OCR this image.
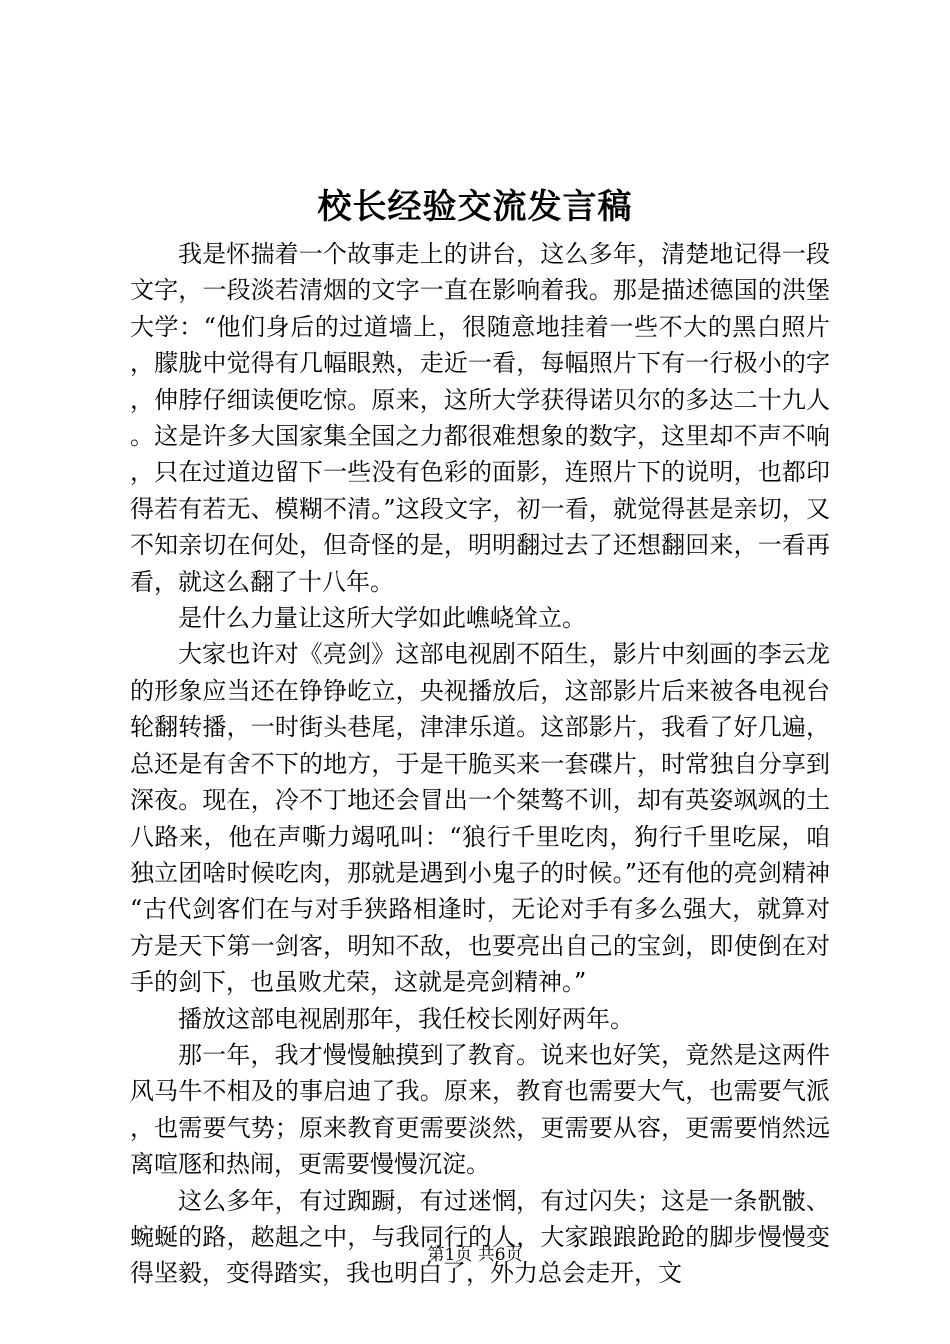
校长经验交流发言稿

我是怀揣着一个故事走上的讲台，这么多年，清楚地记得一段文字，一段淡若清烟的文字一直在影响着我。那是描述德国的洪堡大学：“他们身后的过道墙上，很随意地挂着一些不大的黑白照片，朦胧中觉得有几幅眼熟，走近一看，每幅照片下有一行极小的字，伸脖仔细读便吃惊。原来，这所大学获得诺贝尔的多达二十九人。这是许多大国家集全国之力都很难想象的数字，这里却不声不响，只在过道边留下一些没有色彩的面影，连照片下的说明，也都印得若有若无、模糊不清。”这段文字，初一看，就觉得甚是亲切，又不知亲切在何处，但奇怪的是，明明翻过去了还想翻回来，一看再看，就这么翻了十八年。

是什么力量让这所大学如此嶕峣耸立。

大家也许对《亮剑》这部电视剧不陌生，影片中刻画的李云龙的形象应当还在铮铮屹立，央视播放后，这部影片后来被各电视台轮翻转播，一时街头巷尾，津津乐道。这部影片，我看了好几遍，总还是有舍不下的地方，于是干脆买来一套碟片，时常独自分享到深夜。现在，冷不丁地还会冒出一个桀骜不训，却有英姿飒飒的土八路来，他在声嘶力竭吼叫：“狼行千里吃肉，狗行千里吃屎，咱独立团啥时候吃肉，那就是遇到小鬼子的时候。”还有他的亮剑精神“古代剑客们在与对手狭路相逢时，无论对手有多么强大，就算对方是天下第一剑客，明知不敌，也要亮出自己的宝剑，即使倒在对手的剑下，也虽败尤荣，这就是亮剑精神。”

播放这部电视剧那年，我任校长刚好两年。

那一年，我才慢慢触摸到了教育。说来也好笑，竟然是这两件风马牛不相及的事启迪了我。原来，教育也需要大气，也需要气派，也需要气势；原来教育更需要淡然，更需要从容，更需要悄然远离喧豗和热闹，更需要慢慢沉淀。

这么多年，有过踟蹰，有过迷惘，有过闪失；这是一条骪骳、蜿蜒的路，趑趄之中，与我同行的人，大家踉踉跄跄的脚步慢慢变得坚毅，变得踏实，我也明白了，外力总会走开，文

第1页 共6页
